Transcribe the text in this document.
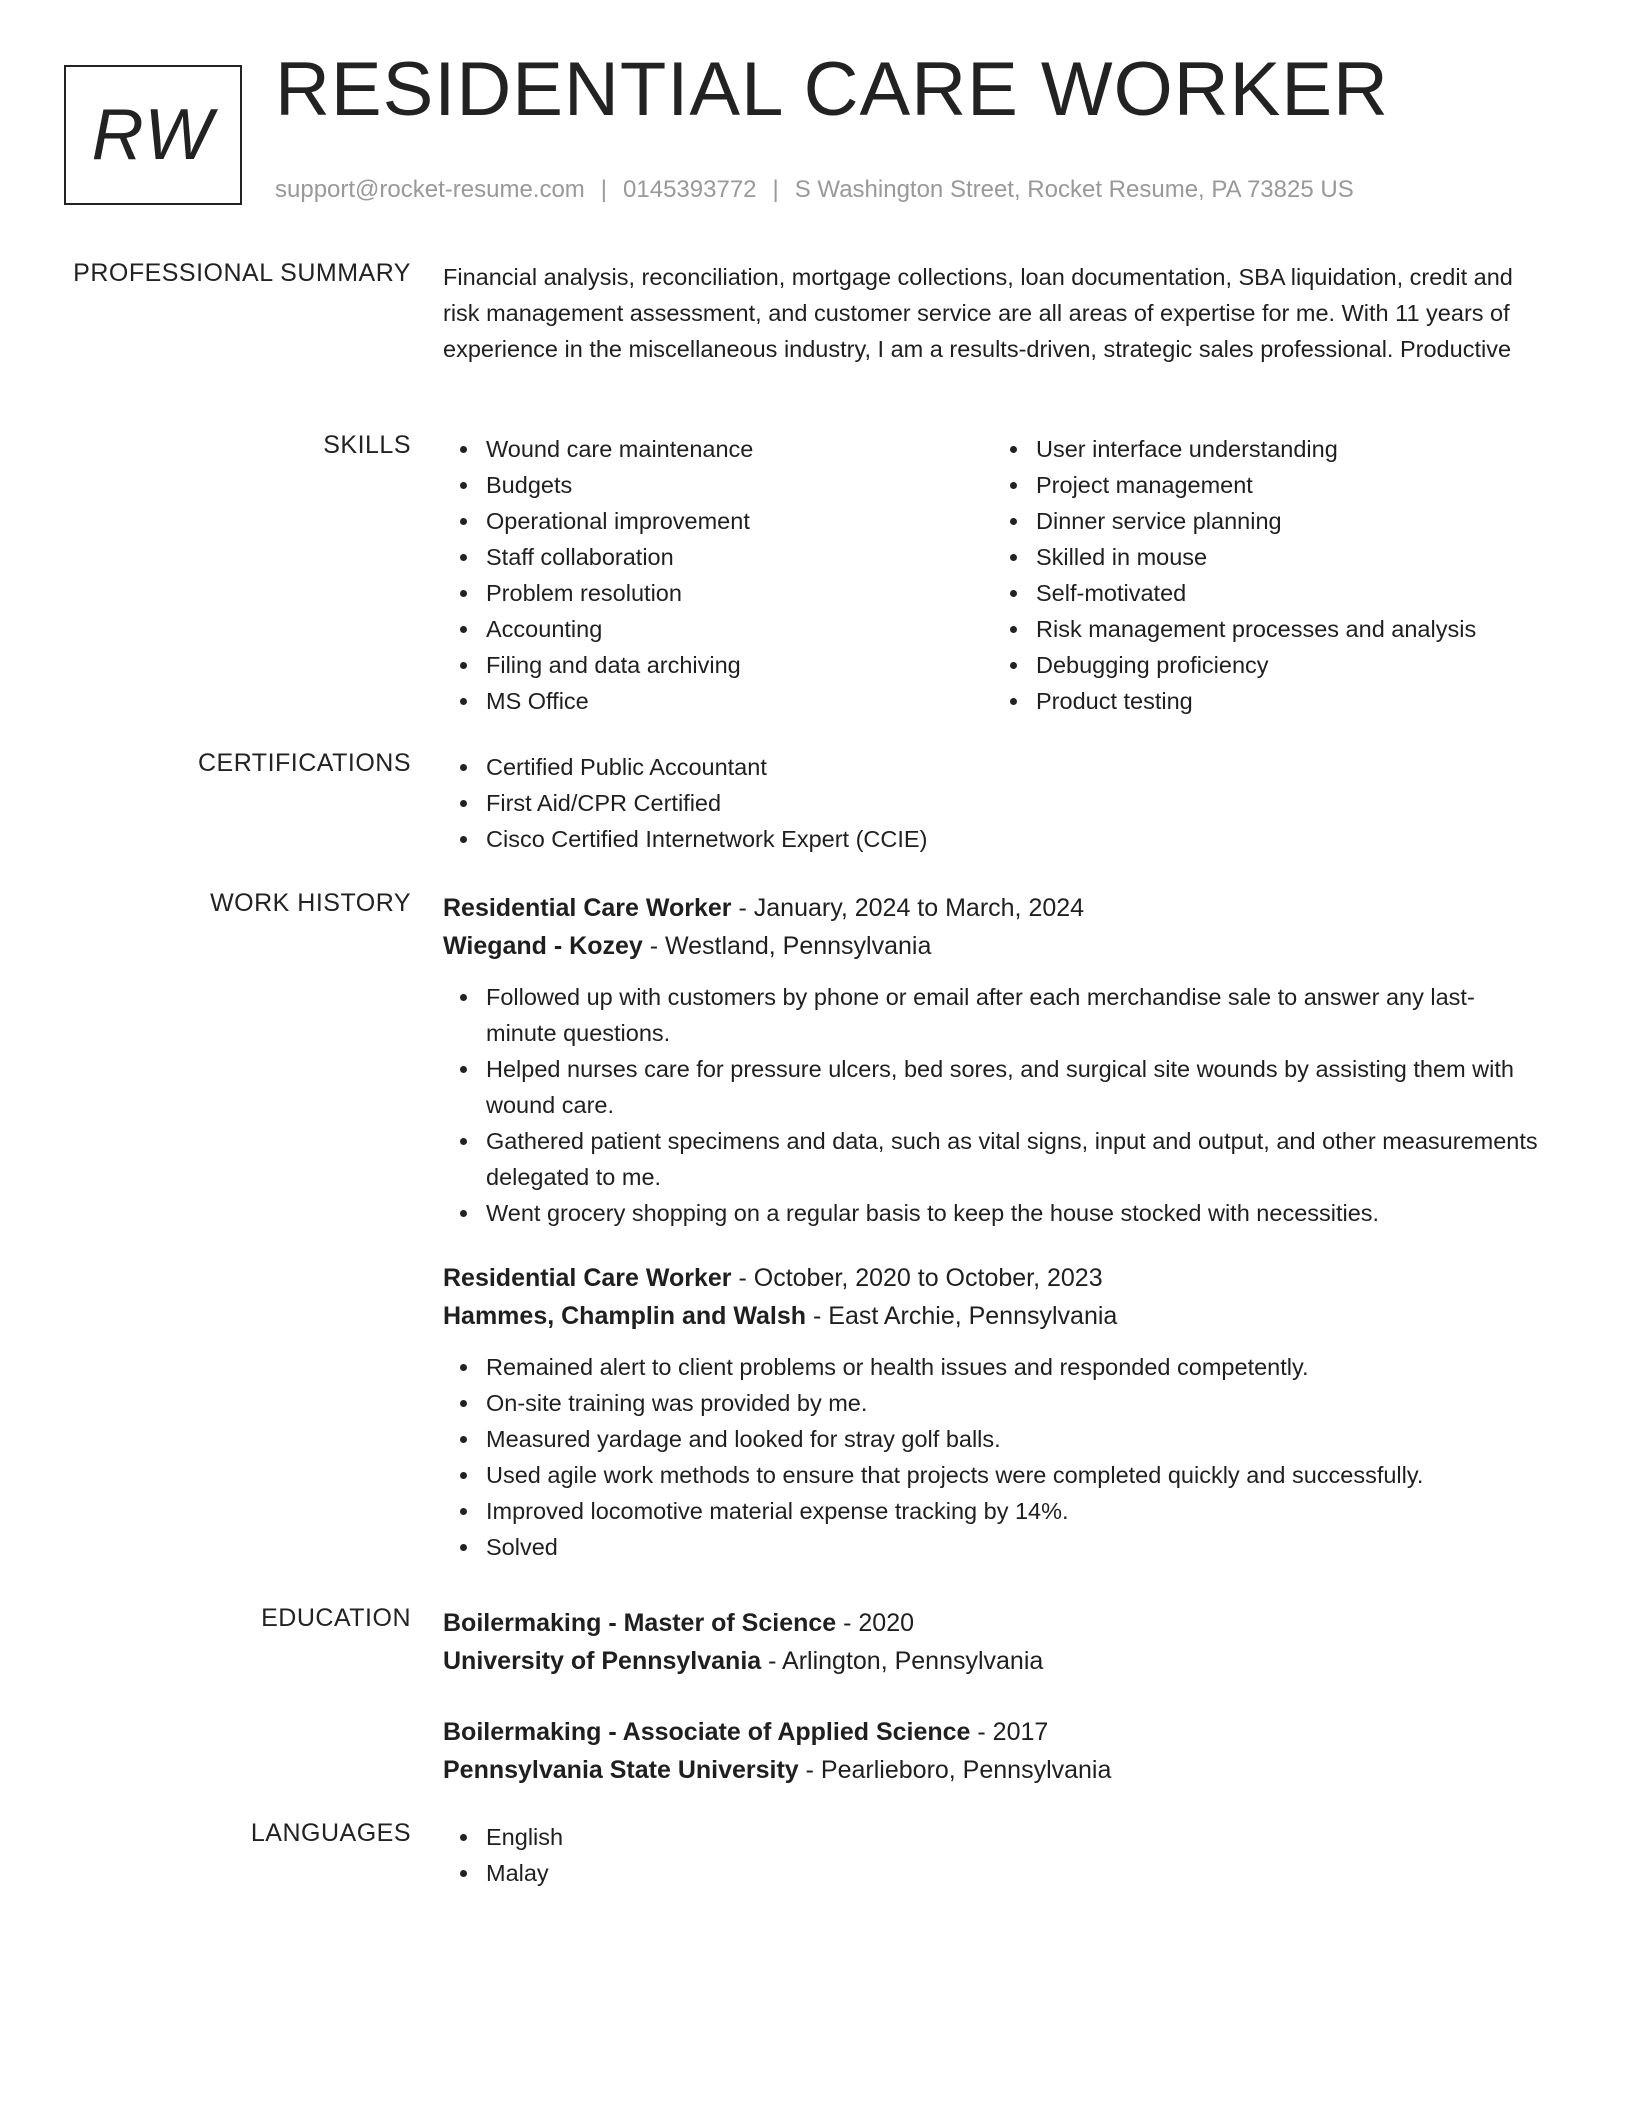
RW
RESIDENTIAL CARE WORKER
support@rocket-resume.com | 0145393772 | S Washington Street, Rocket Resume, PA 73825 US
PROFESSIONAL SUMMARY Financial analysis, reconciliation, mortgage collections, loan documentation, SBA liquidation, credit and risk management assessment, and customer service are all areas of expertise for me. With 11 years of experience in the miscellaneous industry, I am a results-driven, strategic sales professional. Productive
SKILLS	Wound care maintenance
Budgets
Operational improvement
Staff collaboration
Problem resolution
Accounting
Filing and data archiving
MS Office
User interface understanding
Project management
Dinner service planning
Skilled in mouse
Self-motivated
Risk management processes and analysis
Debugging proficiency
Product testing
CERTIFICATIONS	Certified Public Accountant
First Aid/CPR Certified
Cisco Certified Internetwork Expert (CCIE)
WORK HISTORY Residential Care Worker - January, 2024 to March, 2024
Wiegand - Kozey - Westland, Pennsylvania
Followed up with customers by phone or email after each merchandise sale to answer any last-minute questions.
Helped nurses care for pressure ulcers, bed sores, and surgical site wounds by assisting them with wound care.
Gathered patient specimens and data, such as vital signs, input and output, and other measurements delegated to me.
Went grocery shopping on a regular basis to keep the house stocked with necessities.
Residential Care Worker - October, 2020 to October, 2023
Hammes, Champlin and Walsh - East Archie, Pennsylvania
Remained alert to client problems or health issues and responded competently.
On-site training was provided by me.
Measured yardage and looked for stray golf balls.
Used agile work methods to ensure that projects were completed quickly and successfully.
Improved locomotive material expense tracking by 14%.
Solved
EDUCATION Boilermaking - Master of Science - 2020
University of Pennsylvania - Arlington, Pennsylvania
Boilermaking - Associate of Applied Science - 2017
Pennsylvania State University - Pearlieboro, Pennsylvania
LANGUAGES	English
Malay
